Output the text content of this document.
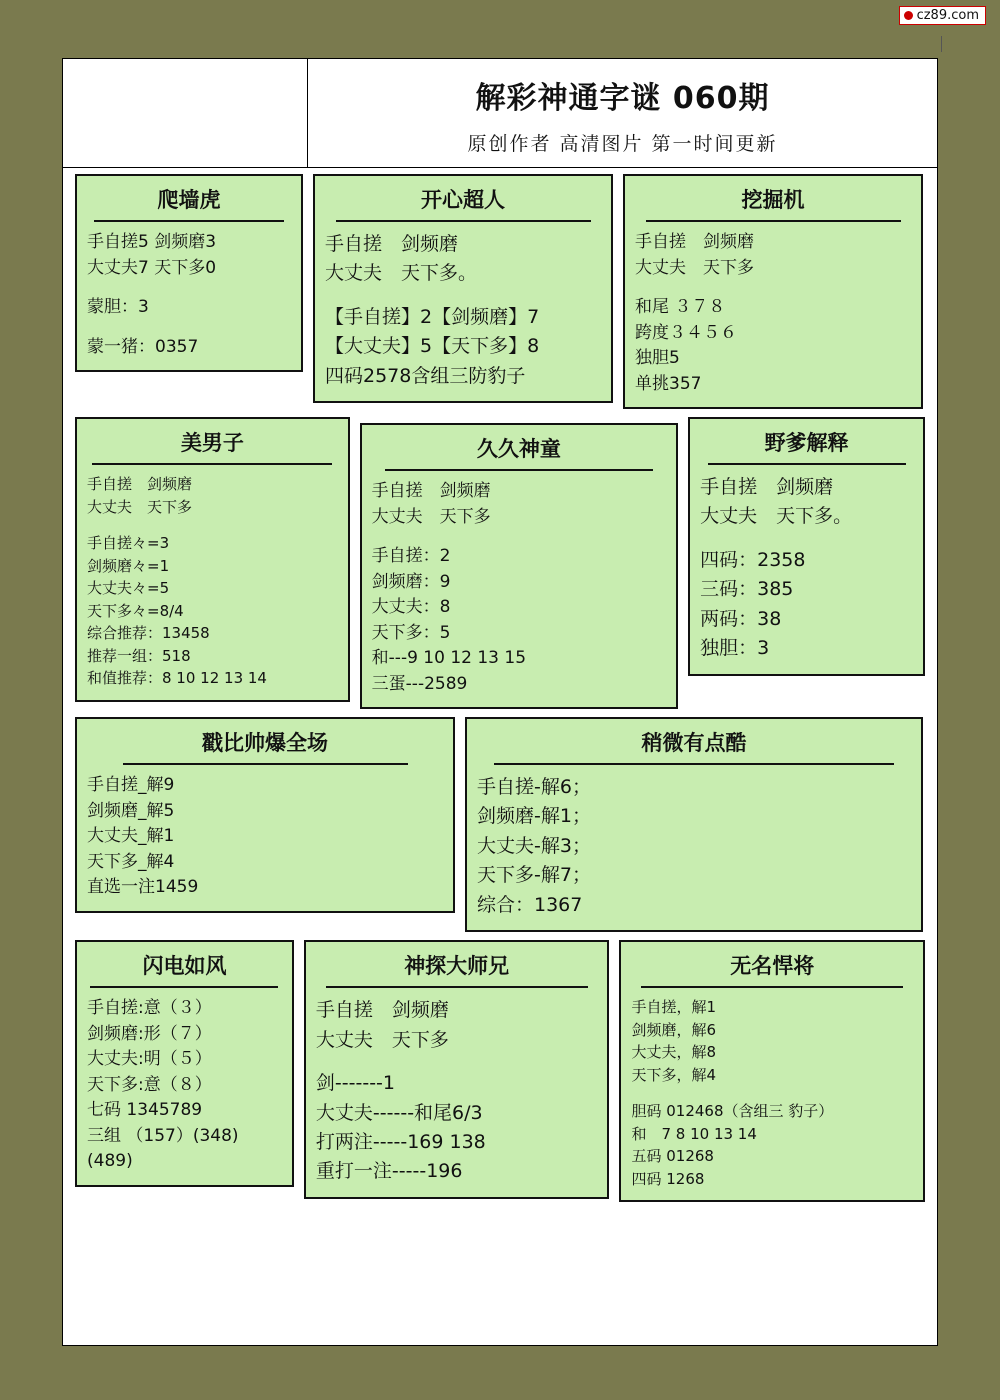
cz89.com
解彩神通字谜 060期
原创作者 高清图片 第一时间更新
爬墙虎
手自搓5 剑频磨3
大丈夫7 天下多0
蒙胆：3
蒙一猪：0357
开心超人
手自搓　剑频磨
大丈夫　天下多。
【手自搓】2【剑频磨】7
【大丈夫】5【天下多】8
四码2578含组三防豹子
挖掘机
手自搓　剑频磨
大丈夫　天下多
和尾 ３７８
跨度３４５６
独胆5
单挑357
美男子
手自搓　剑频磨
大丈夫　天下多
手自搓々=3
剑频磨々=1
大丈夫々=5
天下多々=8/4
综合推荐：13458
推荐一组：518
和值推荐：8 10 12 13 14
久久神童
手自搓　剑频磨
大丈夫　天下多
手自搓：2
剑频磨：9
大丈夫：8
天下多：5
和---9 10 12 13 15
三蛋---2589
野爹解释
手自搓　剑频磨
大丈夫　天下多。
四码：2358
三码：385
两码：38
独胆：3
戳比帅爆全场
手自搓_解9
剑频磨_解5
大丈夫_解1
天下多_解4
直选一注1459
稍微有点酷
手自搓-解6；
剑频磨-解1；
大丈夫-解3；
天下多-解7；
综合：1367
闪电如风
手自搓:意（３）
剑频磨:形（７）
大丈夫:明（５）
天下多:意（８）
七码 1345789
三组 （157）(348)
(489)
神探大师兄
手自搓　剑频磨
大丈夫　天下多
剑-------1
大丈夫------和尾6/3
打两注-----169 138
重打一注-----196
无名悍将
手自搓，解1
剑频磨，解6
大丈夫，解8
天下多，解4
胆码 012468（含组三 豹子）
和　7 8 10 13 14
五码 01268
四码 1268
